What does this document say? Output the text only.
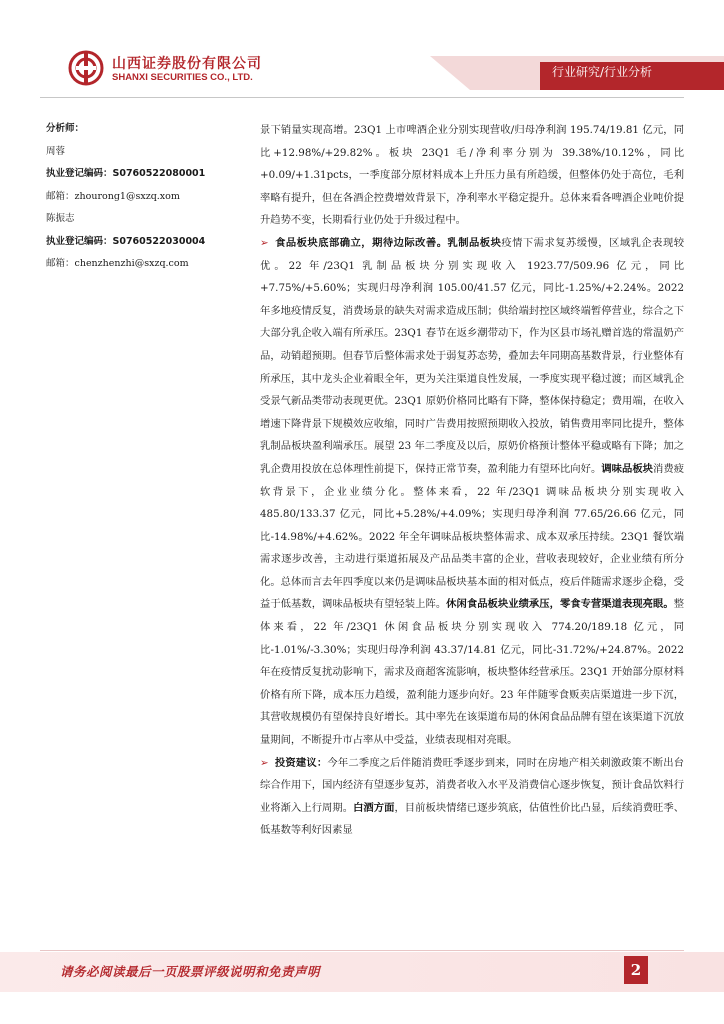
山西证券股份有限公司
SHANXI SECURITIES CO., LTD.	行业研究/行业分析
分析师：
周蓉
执业登记编码：S0760522080001
邮箱：zhourong1@sxzq.xom
陈振志
执业登记编码：S0760522030004
邮箱：chenzhenzhi@sxzq.com

景下销量实现高增。23Q1 上市啤酒企业分别实现营收/归母净利润 195.74/19.81 亿元，同比+12.98%/+29.82%。板块 23Q1 毛/净利率分别为 39.38%/10.12%，同比+0.09/+1.31pcts，一季度部分原材料成本上升压力虽有所趋缓，但整体仍处于高位，毛利率略有提升，但在各酒企控费增效背景下，净利率水平稳定提升。总体来看各啤酒企业吨价提升趋势不变，长期看行业仍处于升级过程中。

➢ 食品板块底部确立，期待边际改善。乳制品板块疫情下需求复苏缓慢，区域乳企表现较优。22 年/23Q1 乳制品板块分别实现收入 1923.77/509.96 亿元，同比+7.75%/+5.60%；实现归母净利润 105.00/41.57 亿元，同比-1.25%/+2.24%。2022 年多地疫情反复，消费场景的缺失对需求造成压制；供给端封控区域终端暂停营业，综合之下大部分乳企收入端有所承压。23Q1 春节在返乡潮带动下，作为区县市场礼赠首选的常温奶产品，动销超预期。但春节后整体需求处于弱复苏态势，叠加去年同期高基数背景，行业整体有所承压，其中龙头企业着眼全年，更为关注渠道良性发展，一季度实现平稳过渡；而区域乳企受景气新品类带动表现更优。23Q1 原奶价格同比略有下降，整体保持稳定；费用端，在收入增速下降背景下规模效应收缩，同时广告费用按照预期收入投放，销售费用率同比提升，整体乳制品板块盈利端承压。展望 23 年二季度及以后，原奶价格预计整体平稳或略有下降；加之乳企费用投放在总体理性前提下，保持正常节奏，盈利能力有望环比向好。调味品板块消费疲软背景下，企业业绩分化。整体来看，22 年/23Q1 调味品板块分别实现收入 485.80/133.37 亿元，同比+5.28%/+4.09%；实现归母净利润 77.65/26.66 亿元，同比-14.98%/+4.62%。2022 年全年调味品板块整体需求、成本双承压持续。23Q1 餐饮端需求逐步改善，主动进行渠道拓展及产品品类丰富的企业，营收表现较好，企业业绩有所分化。总体而言去年四季度以来仍是调味品板块基本面的相对低点，疫后伴随需求逐步企稳，受益于低基数，调味品板块有望轻装上阵。休闲食品板块业绩承压，零食专营渠道表现亮眼。整体来看，22 年/23Q1 休闲食品板块分别实现收入 774.20/189.18 亿元，同比-1.01%/-3.30%；实现归母净利润 43.37/14.81 亿元，同比-31.72%/+24.87%。2022 年在疫情反复扰动影响下，需求及商超客流影响，板块整体经营承压。23Q1 开始部分原材料价格有所下降，成本压力趋缓，盈利能力逐步向好。23 年伴随零食贩卖店渠道进一步下沉，其营收规模仍有望保持良好增长。其中率先在该渠道布局的休闲食品品牌有望在该渠道下沉放量期间，不断提升市占率从中受益，业绩表现相对亮眼。

➢ 投资建议：今年二季度之后伴随消费旺季逐步到来，同时在房地产相关刺激政策不断出台综合作用下，国内经济有望逐步复苏，消费者收入水平及消费信心逐步恢复，预计食品饮料行业将渐入上行周期。白酒方面，目前板块情绪已逐步筑底，估值性价比凸显，后续消费旺季、低基数等利好因素显

请务必阅读最后一页股票评级说明和免责声明	2
